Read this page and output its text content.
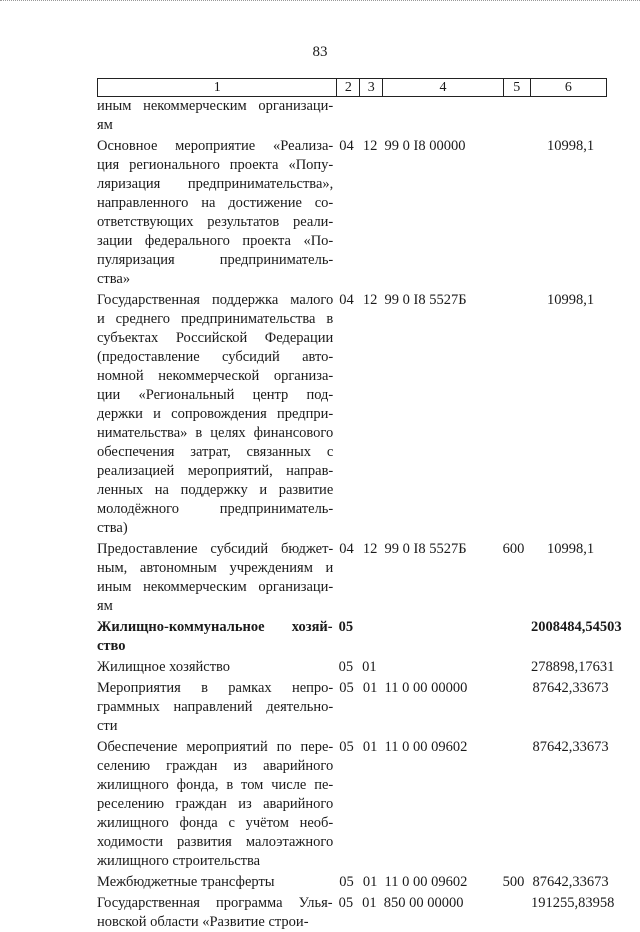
83
1	2	3	4	5	6
иным некоммерческим организаци-
ям
Основное мероприятие «Реализа-
ция регионального проекта «Попу-
ляризация предпринимательства»,
направленного на достижение со-
ответствующих результатов реали-
зации федерального проекта «По-
пуляризация предприниматель-
ства»
04 12 99 0 I8 00000	10998,1
Государственная поддержка малого
и среднего предпринимательства в
субъектах Российской Федерации
(предоставление субсидий авто-
номной некоммерческой организа-
ции «Региональный центр под-
держки и сопровождения предпри-
нимательства» в целях финансового
обеспечения затрат, связанных с
реализацией мероприятий, направ-
ленных на поддержку и развитие
молодёжного предприниматель-
ства)
04 12 99 0 I8 5527Б	10998,1
Предоставление субсидий бюджет-
ным, автономным учреждениям и
иным некоммерческим организаци-
ям
04 12 99 0 I8 5527Б	600	10998,1
Жилищно-коммунальное хозяй-
ство
05	2008484,54503
Жилищное хозяйство	05 01	278898,17631
Мероприятия в рамках непро-
граммных направлений деятельно-
сти
05 01 11 0 00 00000	87642,33673
Обеспечение мероприятий по пере-
селению граждан из аварийного
жилищного фонда, в том числе пе-
реселению граждан из аварийного
жилищного фонда с учётом необ-
ходимости развития малоэтажного
жилищного строительства
05 01 11 0 00 09602	87642,33673
Межбюджетные трансферты	05 01 11 0 00 09602	500 87642,33673
Государственная программа Улья-
новской области «Развитие строи-
05 01 850 00 00000	191255,83958
